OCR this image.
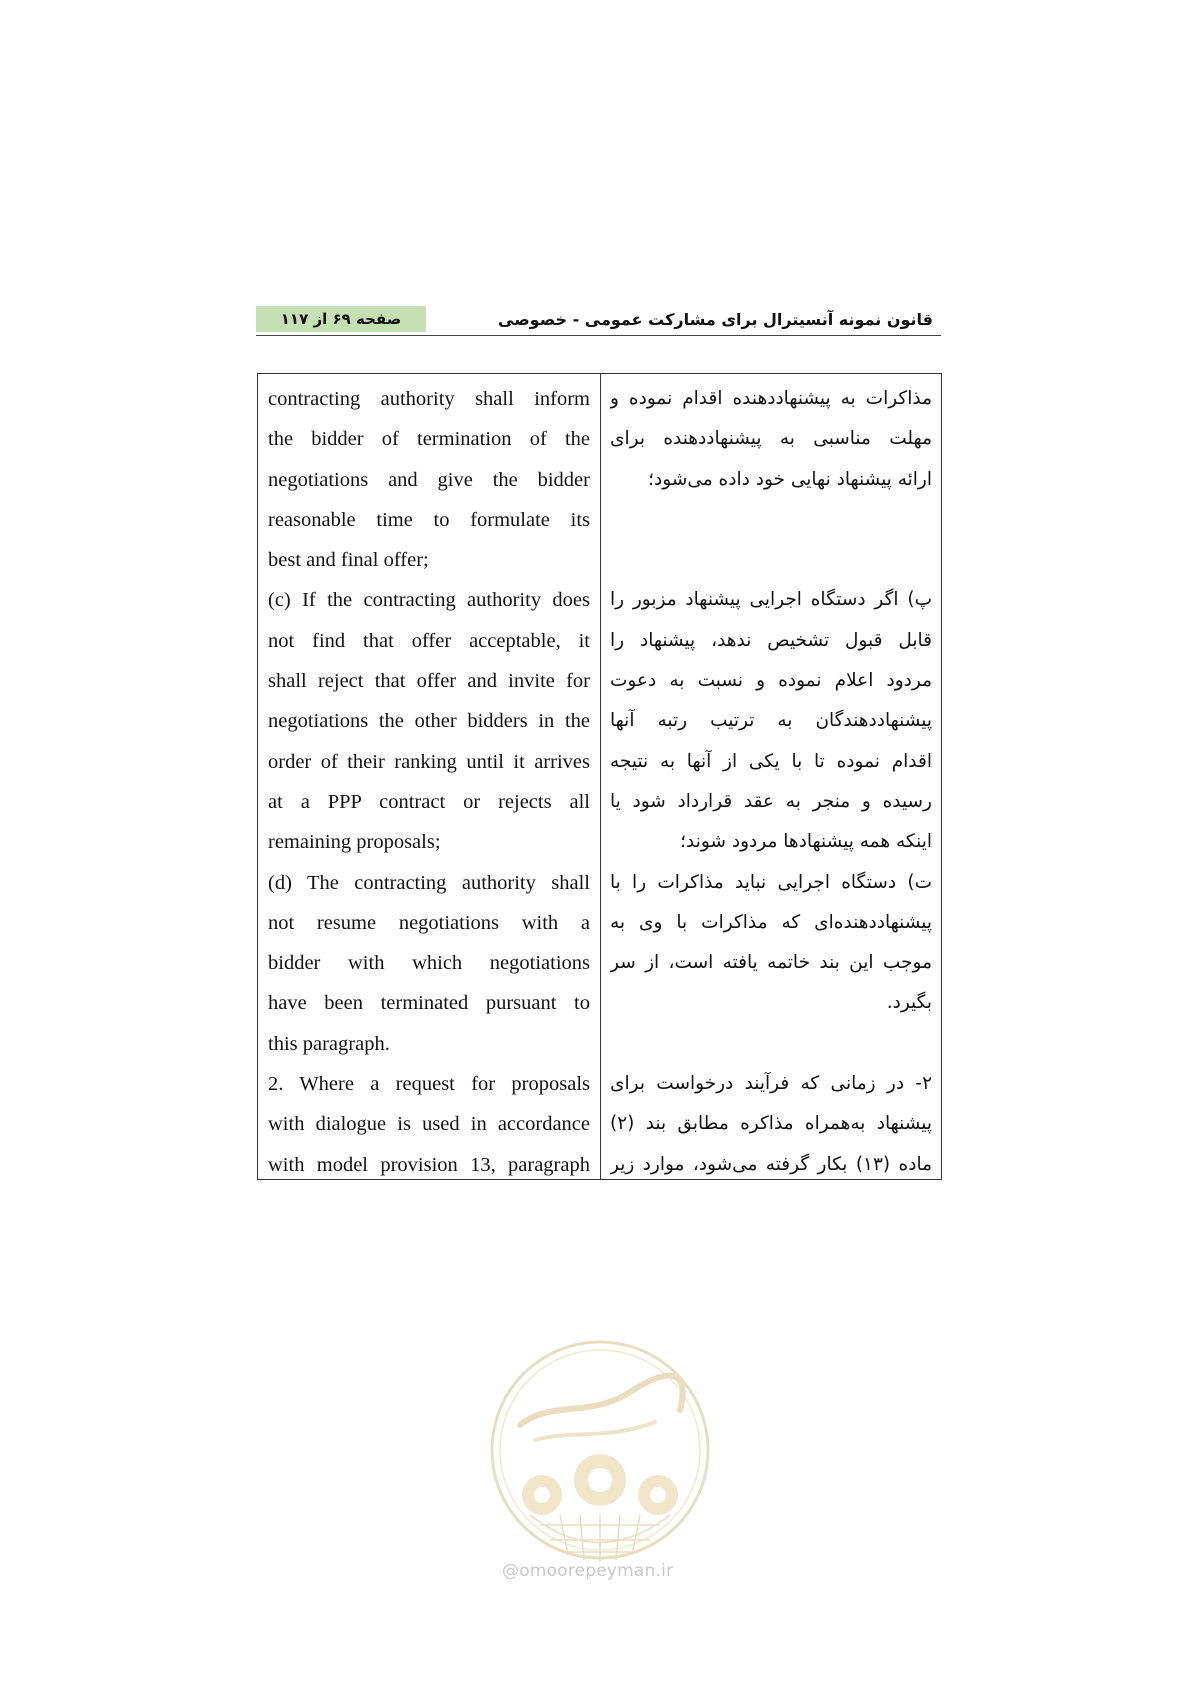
صفحه ۶۹ از ۱۱۷	قانون نمونه آنسیترال برای مشارکت عمومی - خصوصی
contracting authority shall inform
the bidder of termination of the
negotiations and give the bidder
reasonable time to formulate its
best and final offer;
(c) If the contracting authority does
not find that offer acceptable, it
shall reject that offer and invite for
negotiations the other bidders in the
order of their ranking until it arrives
at a PPP contract or rejects all
remaining proposals;
(d) The contracting authority shall
not resume negotiations with a
bidder with which negotiations
have been terminated pursuant to
this paragraph.
2. Where a request for proposals
with dialogue is used in accordance
with model provision 13, paragraph
مذاکرات به پیشنهاددهنده اقدام نموده و
مهلت مناسبی به پیشنهاددهنده برای
ارائه پیشنهاد نهایی خود داده می‌شود؛
پ) اگر دستگاه اجرایی پیشنهاد مزبور را
قابل قبول تشخیص ندهد، پیشنهاد را
مردود اعلام نموده و نسبت به دعوت
پیشنهاددهندگان به ترتیب رتبه آنها
اقدام نموده تا با یکی از آنها به نتیجه
رسیده و منجر به عقد قرارداد شود یا
اینکه همه پیشنهادها مردود شوند؛
ت) دستگاه اجرایی نباید مذاکرات را با
پیشنهاددهنده‌ای که مذاکرات با وی به
موجب این بند خاتمه یافته است، از سر
بگیرد.
۲- در زمانی که فرآیند درخواست برای
پیشنهاد به‌همراه مذاکره مطابق بند (۲)
ماده (۱۳) بکار گرفته می‌شود، موارد زیر
@omoorepeyman.ir
